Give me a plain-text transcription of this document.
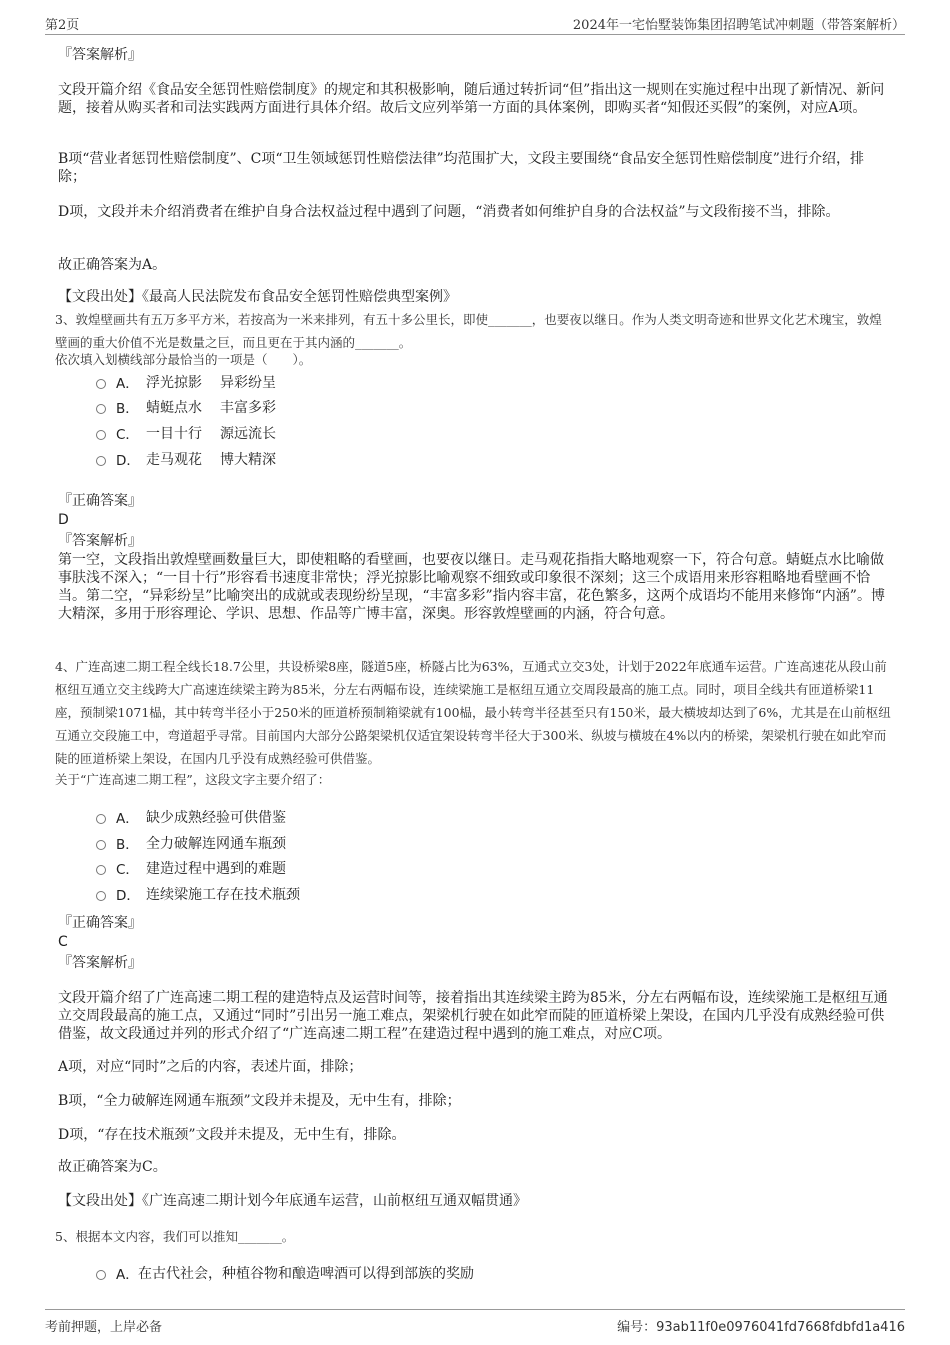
第2页	2024年一宅怡墅装饰集团招聘笔试冲刺题（带答案解析）

『答案解析』

文段开篇介绍《食品安全惩罚性赔偿制度》的规定和其积极影响，随后通过转折词“但”指出这一规则在实施过程中出现了新情况、新问题，接着从购买者和司法实践两方面进行具体介绍。故后文应列举第一方面的具体案例，即购买者“知假还买假”的案例，对应A项。

B项“营业者惩罚性赔偿制度”、C项“卫生领域惩罚性赔偿法律”均范围扩大，文段主要围绕“食品安全惩罚性赔偿制度”进行介绍，排除；

D项，文段并未介绍消费者在维护自身合法权益过程中遇到了问题，“消费者如何维护自身的合法权益”与文段衔接不当，排除。

故正确答案为A。

【文段出处】《最高人民法院发布食品安全惩罚性赔偿典型案例》

3、敦煌壁画共有五万多平方米，若按高为一米来排列，有五十多公里长，即使_______，也要夜以继日。作为人类文明奇迹和世界文化艺术瑰宝，敦煌壁画的重大价值不光是数量之巨，而且更在于其内涵的_______。

依次填入划横线部分最恰当的一项是（　　）。

A． 浮光掠影 异彩纷呈
B． 蜻蜓点水 丰富多彩
C． 一目十行 源远流长
D． 走马观花 博大精深

『正确答案』

D

『答案解析』

第一空，文段指出敦煌壁画数量巨大，即使粗略的看壁画，也要夜以继日。走马观花指指大略地观察一下，符合句意。蜻蜓点水比喻做事肤浅不深入；“一目十行”形容看书速度非常快；浮光掠影比喻观察不细致或印象很不深刻；这三个成语用来形容粗略地看壁画不恰当。第二空，“异彩纷呈”比喻突出的成就或表现纷纷呈现，“丰富多彩”指内容丰富，花色繁多，这两个成语均不能用来修饰“内涵”。博大精深，多用于形容理论、学识、思想、作品等广博丰富，深奥。形容敦煌壁画的内涵，符合句意。

4、广连高速二期工程全线长18.7公里，共设桥梁8座，隧道5座，桥隧占比为63%，互通式立交3处，计划于2022年底通车运营。广连高速花从段山前枢纽互通立交主线跨大广高速连续梁主跨为85米，分左右两幅布设，连续梁施工是枢纽互通立交周段最高的施工点。同时，项目全线共有匝道桥梁11座，预制梁1071榀，其中转弯半径小于250米的匝道桥预制箱梁就有100榀，最小转弯半径甚至只有150米，最大横坡却达到了6%，尤其是在山前枢纽互通立交段施工中，弯道超乎寻常。目前国内大部分公路架梁机仅适宜架设转弯半径大于300米、纵坡与横坡在4%以内的桥梁，架梁机行驶在如此窄而陡的匝道桥梁上架设，在国内几乎没有成熟经验可供借鉴。

关于“广连高速二期工程”，这段文字主要介绍了：

A． 缺少成熟经验可供借鉴
B． 全力破解连网通车瓶颈
C． 建造过程中遇到的难题
D． 连续梁施工存在技术瓶颈

『正确答案』

C

『答案解析』

文段开篇介绍了广连高速二期工程的建造特点及运营时间等，接着指出其连续梁主跨为85米，分左右两幅布设，连续梁施工是枢纽互通立交周段最高的施工点，又通过“同时”引出另一施工难点，架梁机行驶在如此窄而陡的匝道桥梁上架设，在国内几乎没有成熟经验可供借鉴，故文段通过并列的形式介绍了“广连高速二期工程”在建造过程中遇到的施工难点，对应C项。

A项，对应“同时”之后的内容，表述片面，排除；

B项，“全力破解连网通车瓶颈”文段并未提及，无中生有，排除；

D项，“存在技术瓶颈”文段并未提及，无中生有，排除。

故正确答案为C。

【文段出处】《广连高速二期计划今年底通车运营，山前枢纽互通双幅贯通》

5、根据本文内容，我们可以推知_______。

A． 在古代社会，种植谷物和酿造啤酒可以得到部族的奖励
考前押题，上岸必备	编号：93ab11f0e0976041fd7668fdbfd1a416
